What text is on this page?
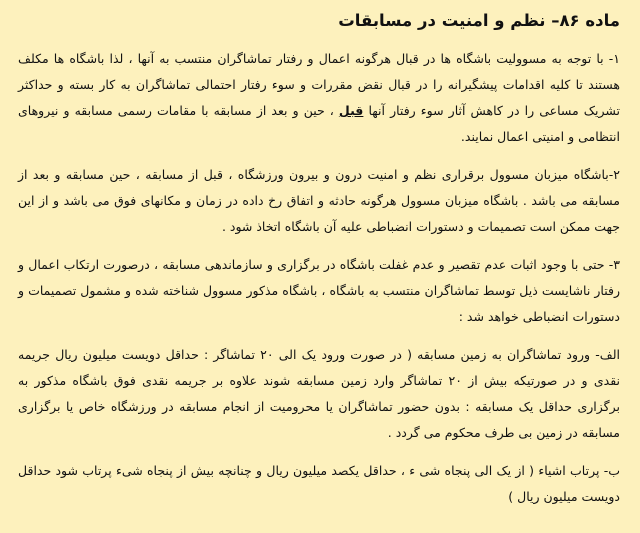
ماده ۸۶– نظم و امنیت در مسابقات

۱- با توجه به مسوولیت باشگاه ها در قبال هرگونه اعمال و رفتار تماشاگران منتسب به آنها ، لذا باشگاه ها مکلف هستند تا کلیه اقدامات پیشگیرانه را در قبال نقض مقررات و سوء رفتار احتمالی تماشاگران به کار بسته و حداکثر تشریک مساعی را در کاهش آثار سوء رفتار آنها قبل ، حین و بعد از مسابقه با مقامات رسمی مسابقه و نیروهای انتظامی و امنیتی اعمال نمایند.

۲-باشگاه میزبان مسوول برقراری نظم و امنیت درون و بیرون ورزشگاه ، قبل از مسابقه ، حین مسابقه و بعد از مسابقه می باشد . باشگاه میزبان مسوول هرگونه حادثه و اتفاق رخ داده در زمان و مکانهای فوق می باشد و از این جهت ممکن است تصمیمات و دستورات انضباطی علیه آن باشگاه اتخاذ شود .

۳- حتی با وجود اثبات عدم تقصیر و عدم غفلت باشگاه در برگزاری و سازماندهی مسابقه ، درصورت ارتکاب اعمال و رفتار ناشایست ذیل توسط تماشاگران منتسب به باشگاه ، باشگاه مذکور مسوول شناخته شده و مشمول تصمیمات و دستورات انضباطی خواهد شد :

الف- ورود تماشاگران به زمین مسابقه ( در صورت ورود یک الی ۲۰ تماشاگر : حداقل دویست میلیون ریال جریمه نقدی و در صورتیکه بیش از ۲۰ تماشاگر وارد زمین مسابقه شوند علاوه بر جریمه نقدی فوق باشگاه مذکور به برگزاری حداقل یک مسابقه : بدون حضور تماشاگران یا محرومیت از انجام مسابقه در ورزشگاه خاص یا برگزاری مسابقه در زمین بی طرف محکوم می گردد .

ب- پرتاب اشیاء ( از یک الی پنجاه شی ء ، حداقل یکصد میلیون ریال و چنانچه بیش از پنجاه شیء پرتاب شود حداقل دویست میلیون ریال )
